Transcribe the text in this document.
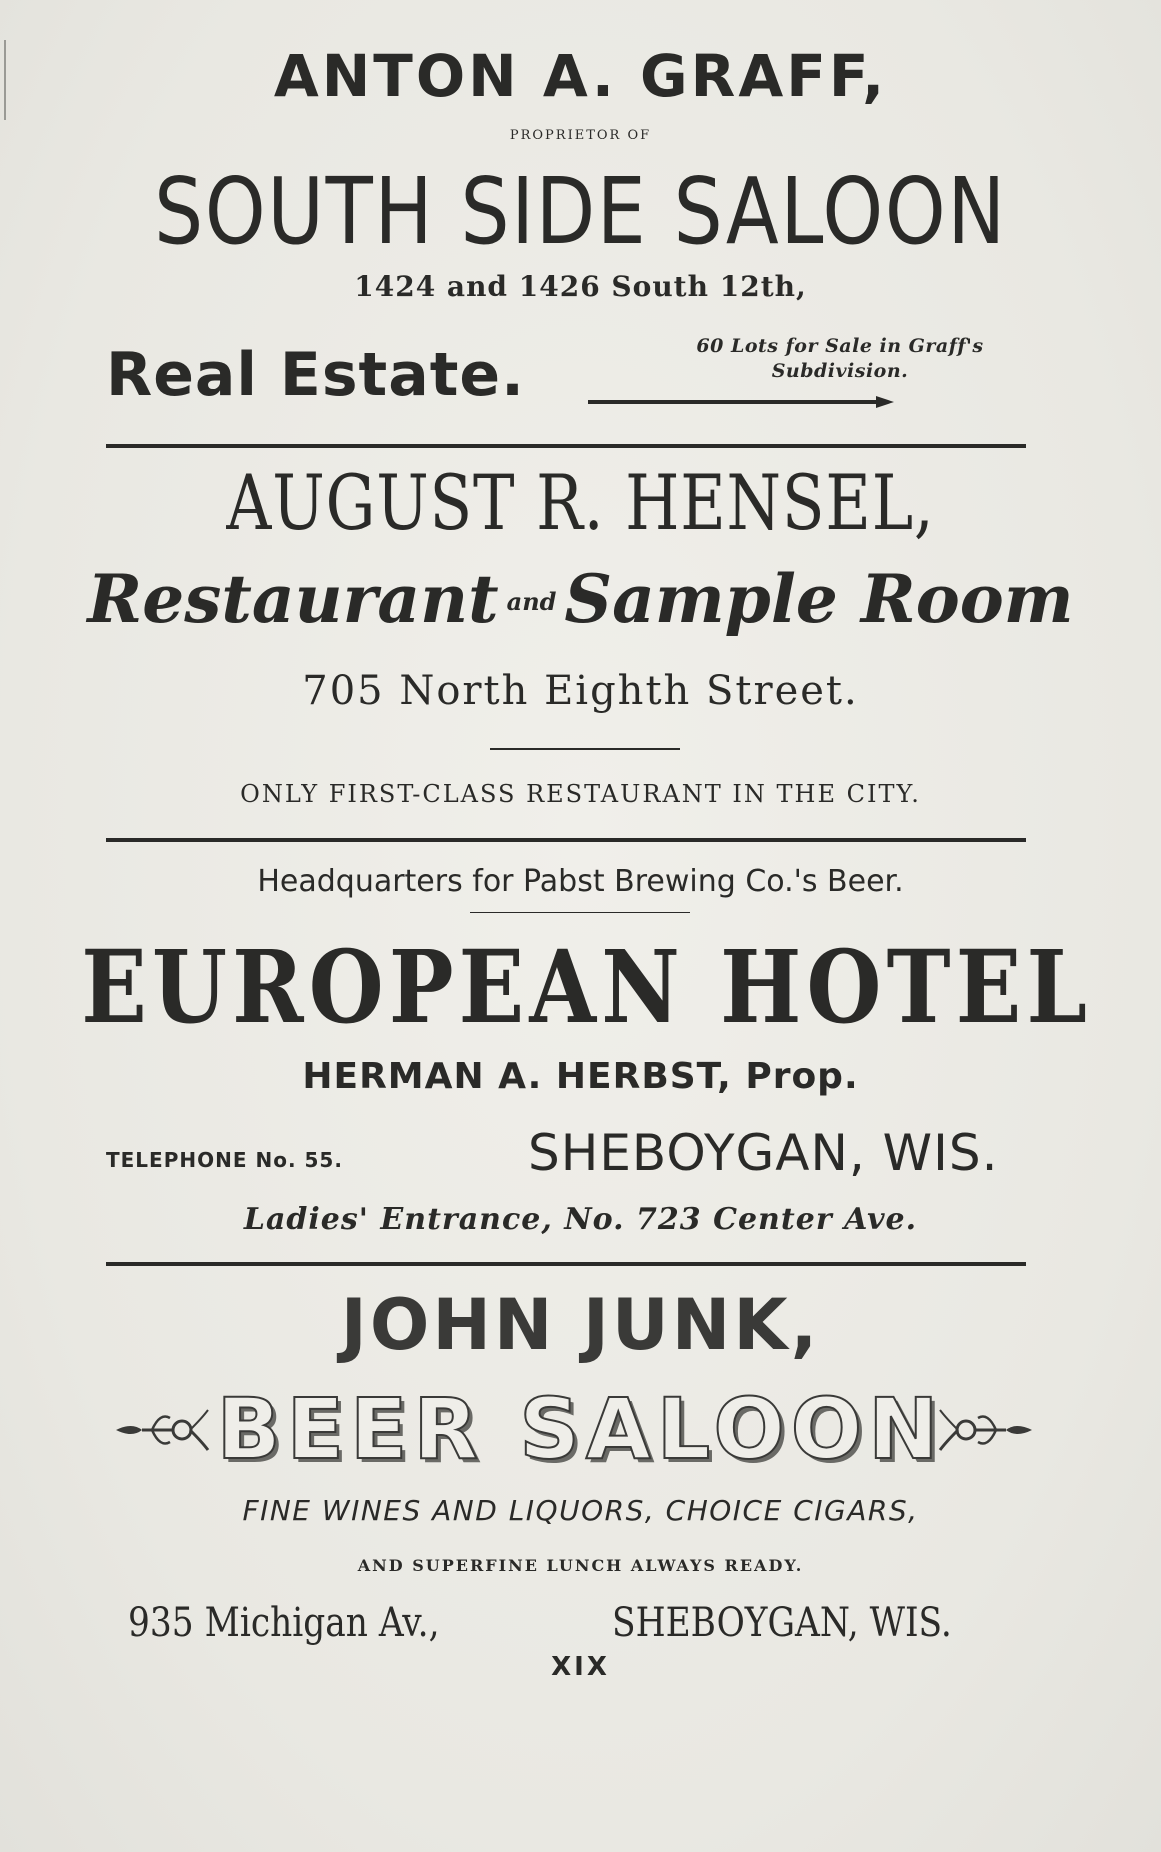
ANTON A. GRAFF,
PROPRIETOR OF
SOUTH SIDE SALOON
1424 and 1426 South 12th,
Real Estate.	60 Lots for Sale in Graff's
Subdivision.
AUGUST R. HENSEL,
Restaurant and Sample Room
705 North Eighth Street.
ONLY FIRST-CLASS RESTAURANT IN THE CITY.
Headquarters for Pabst Brewing Co.'s Beer.
EUROPEAN HOTEL
HERMAN A. HERBST, Prop.
TELEPHONE No. 55.	SHEBOYGAN, WIS.
Ladies' Entrance, No. 723 Center Ave.
JOHN JUNK,
BEER SALOON
FINE WINES AND LIQUORS, CHOICE CIGARS,
AND SUPERFINE LUNCH ALWAYS READY.
935 Michigan Av.,	SHEBOYGAN, WIS.
XIX
